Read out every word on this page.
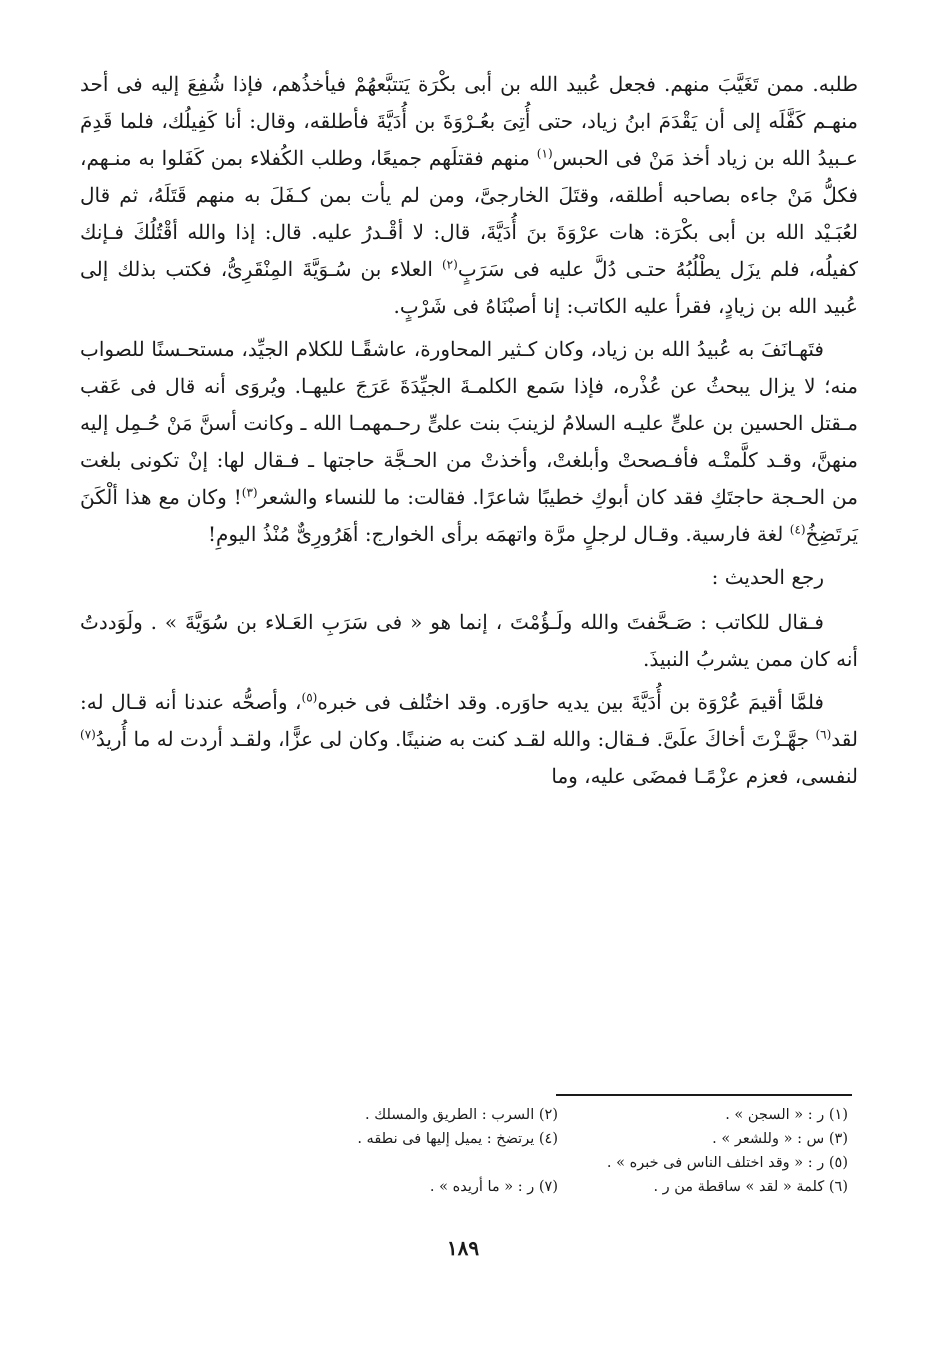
طلبه. ممن تَغَيَّبَ منهم. فجعل عُبيد الله بن أبى بكْرَة يَتتبَّعهُمْ فيأخذُهم، فإذا شُفِعَ إليه فى أحد منهـم كَفَّلَه إلى أن يَقْدَمَ ابنُ زياد، حتى أُتِىَ بعُـرْوَةَ بن أُدَيَّةَ فأطلقه، وقال: أنا كَفِيلُك، فلما قَدِمَ عـبيدُ الله بن زياد أخذ مَنْ فى الحبس$^{(١)}$ منهم فقتلَهم جميعًا، وطلب الكُفلاء بمن كَفَلوا به منـهم، فكلُّ مَنْ جاءه بصاحبه أطلقه، وقتَلَ الخارجىَّ، ومن لم يأت بمن كـفَلَ به منهم قَتَلَهُ، ثم قال لعُبَـيْد الله بن أبى بكْرَة: هات عرْوَةَ بنَ أُدَيَّةَ، قال: لا أقْـدرُ عليه. قال: إذا والله أقْتُلُكَ فـإنك كفيلُه، فلم يزَل يطْلُبُهُ حتـى دُلَّ عليه فى سَرَبٍ$^{(٢)}$ العلاء بن سُـوَيَّةَ المِنْقَرِىُّ، فكتب بذلك إلى عُبيد الله بن زيادٍ، فقرأ عليه الكاتب: إنا أصبْنَاهُ فى شَرْبٍ.

فتَهـانَفَ به عُبيدُ الله بن زياد، وكان كـثير المحاورة، عاشقًـا للكلام الجيِّد، مستحـسنًا للصواب منه؛ لا يزال يبحثُ عن عُذْره، فإذا سَمع الكلمـةَ الجيِّدَةَ عَرَجَ عليهـا. ويُروَى أنه قال فى عَقب مـقتل الحسين بن علىٍّ عليـه السلامُ لزينبَ بنت علىٍّ رحـمهمـا الله ـ وكانت أسنَّ مَنْ حُـمِل إليه منهنَّ، وقـد كلَّمتْـه فأفـصحتْ وأبلغتْ، وأخذتْ من الحـجَّة حاجتها ـ فـقال لها: إنْ تكونى بلغت من الحـجة حاجتَكِ فقد كان أبوكِ خطيبًا شاعرًا. فقالت: ما للنساء والشعر$^{(٣)}$! وكان مع هذا ألْكَنَ يَرتَضِخُ$^{(٤)}$ لغة فارسية. وقـال لرجلٍ مرَّة واتهمَه برأى الخوارج: أهَرُورِىٌّ مُنْذُ اليومِ!

رجع الحديث :

فـقال للكاتب : صَـحَّفتَ والله ولَـؤُمْتَ ، إنما هو « فى سَرَبِ العَـلاء بن سُوَيَّةَ » . ولَوَددتُ أنه كان ممن يشربُ النبيذَ.

فلمَّا أقيمَ عُرْوَة بن أُدَيَّةَ بين يديه حاوَره. وقد اختُلف فى خبره$^{(٥)}$، وأصحُّه عندنا أنه قـال له: لقد$^{(٦)}$ جهَّـزْتَ أخاكَ علَىَّ. فـقال: والله لقـد كنت به ضنينًا. وكان لى عزًّا، ولقـد أردت له ما أُريدُ$^{(٧)}$ لنفسى، فعزم عزْمًـا فمضَى عليه، وما

(١) ر : « السجن » .
(٢) السرب : الطريق والمسلك .
(٣) س : « وللشعر » .
(٤) يرتضخ : يميل إليها فى نطقه .
(٥) ر : « وقد اختلف الناس فى خبره » .
(٦) كلمة « لقد » ساقطة من ر .
(٧) ر : « ما أريده » .
١٨٩
